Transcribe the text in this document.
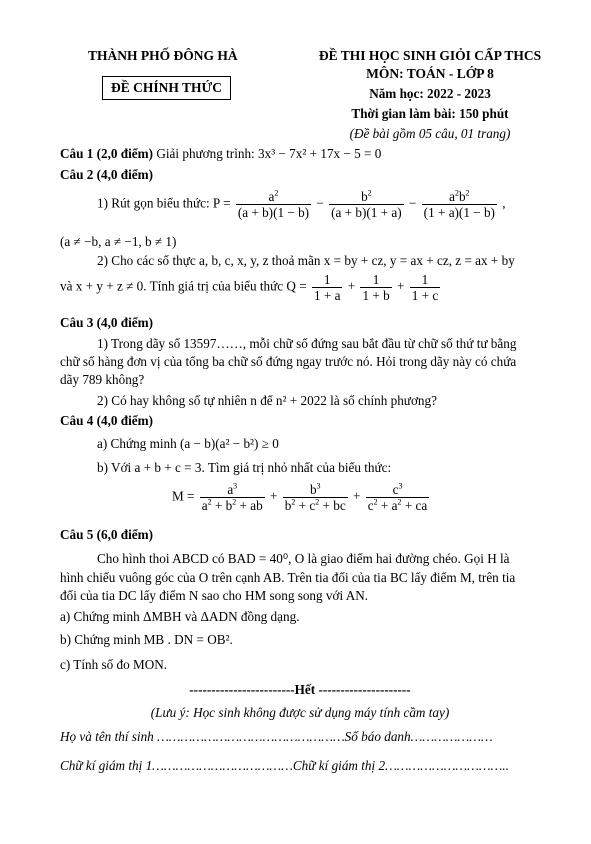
THÀNH PHỐ ĐÔNG HÀ
ĐỀ CHÍNH THỨC
ĐỀ THI HỌC SINH GIỎI CẤP THCS
MÔN: TOÁN - LỚP 8
Năm học: 2022 - 2023
Thời gian làm bài: 150 phút
(Đề bài gồm 05 câu, 01 trang)
Câu 1 (2,0 điểm) Giải phương trình: 3x³ − 7x² + 17x − 5 = 0
Câu 2 (4,0 điểm)
1) Rút gọn biểu thức: $P = \frac{a^2}{(a + b)(1 - b)} - \frac{b^2}{(a + b)(1 + a)} - \frac{a^2b^2}{(1 + a)(1 - b)}$ ,
(a ≠ −b, a ≠ −1, b ≠ 1)
2) Cho các số thực a, b, c, x, y, z thoả mãn x = by + cz, y = ax + cz, z = ax + by
và x + y + z ≠ 0. Tính giá trị của biểu thức $Q = \frac{1}{1 + a} + \frac{1}{1 + b} + \frac{1}{1 + c}$
Câu 3 (4,0 điểm)
1) Trong dãy số 13597……, mỗi chữ số đứng sau bắt đầu từ chữ số thứ tư bằng
chữ số hàng đơn vị của tổng ba chữ số đứng ngay trước nó. Hỏi trong dãy này có chứa
dãy 789 không?
2) Có hay không số tự nhiên n để n² + 2022 là số chính phương?
Câu 4 (4,0 điểm)
a) Chứng minh (a − b)(a² − b²) ≥ 0
b) Với a + b + c = 3. Tìm giá trị nhỏ nhất của biểu thức:
$M = \frac{a^3}{a^2 + b^2 + ab} + \frac{b^3}{b^2 + c^2 + bc} + \frac{c^3}{c^2 + a^2 + ca}$
Câu 5 (6,0 điểm)
Cho hình thoi ABCD có BAD = 40⁰, O là giao điểm hai đường chéo. Gọi H là
hình chiếu vuông góc của O trên cạnh AB. Trên tia đối của tia BC lấy điểm M, trên tia
đối của tia DC lấy điểm N sao cho HM song song với AN.
a) Chứng minh ΔMBH và ΔADN đồng dạng.
b) Chứng minh MB . DN = OB².
c) Tính số đo MON.
------------------------Hết ---------------------
(Lưu ý: Học sinh không được sử dụng máy tính cầm tay)
Họ và tên thí sinh …………………………………………Số báo danh…………………
Chữ kí giám thị 1………………………………Chữ kí giám thị 2…………………………..
